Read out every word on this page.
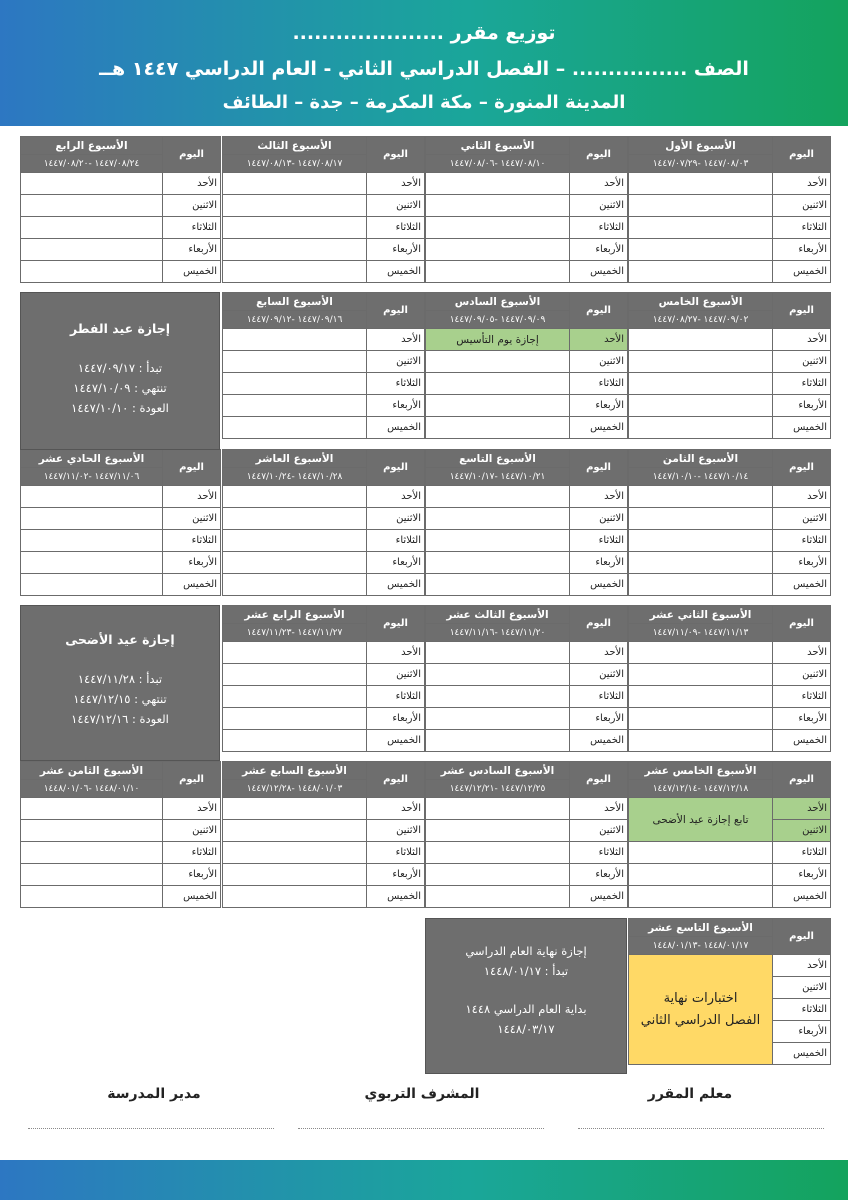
توزيع مقرر .....................
الصف ................ – الفصل الدراسي الثاني - العام الدراسي ١٤٤٧ هــ
المدينة المنورة – مكة المكرمة – جدة – الطائف
اليوم	الأسبوع الأول
	١٤٤٧/٠٨/٠٣ -١٤٤٧/٠٧/٢٩
الأحد	
الاثنين	
الثلاثاء	
الأربعاء	
الخميس	
اليوم	الأسبوع الثاني
	١٤٤٧/٠٨/١٠ -١٤٤٧/٠٨/٠٦
الأحد	
الاثنين	
الثلاثاء	
الأربعاء	
الخميس	
اليوم	الأسبوع الثالث
	١٤٤٧/٠٨/١٧ -١٤٤٧/٠٨/١٣
الأحد	
الاثنين	
الثلاثاء	
الأربعاء	
الخميس	
اليوم	الأسبوع الرابع
	١٤٤٧/٠٨/٢٤ -١٤٤٧/٠٨/٢٠
الأحد	
الاثنين	
الثلاثاء	
الأربعاء	
الخميس	
اليوم	الأسبوع الخامس
	١٤٤٧/٠٩/٠٢ -١٤٤٧/٠٨/٢٧
الأحد	
الاثنين	
الثلاثاء	
الأربعاء	
الخميس	
اليوم	الأسبوع السادس
	١٤٤٧/٠٩/٠٩ -١٤٤٧/٠٩/٠٥
الأحد	إجازة يوم التأسيس
الاثنين	
الثلاثاء	
الأربعاء	
الخميس	
اليوم	الأسبوع السابع
	١٤٤٧/٠٩/١٦ -١٤٤٧/٠٩/١٢
الأحد	
الاثنين	
الثلاثاء	
الأربعاء	
الخميس	
اليوم	الأسبوع الثامن
	١٤٤٧/١٠/١٤ -١٤٤٧/١٠/١٠
الأحد	
الاثنين	
الثلاثاء	
الأربعاء	
الخميس	
اليوم	الأسبوع التاسع
	١٤٤٧/١٠/٢١ -١٤٤٧/١٠/١٧
الأحد	
الاثنين	
الثلاثاء	
الأربعاء	
الخميس	
اليوم	الأسبوع العاشر
	١٤٤٧/١٠/٢٨ -١٤٤٧/١٠/٢٤
الأحد	
الاثنين	
الثلاثاء	
الأربعاء	
الخميس	
اليوم	الأسبوع الحادي عشر
	١٤٤٧/١١/٠٦ -١٤٤٧/١١/٠٢
الأحد	
الاثنين	
الثلاثاء	
الأربعاء	
الخميس	
اليوم	الأسبوع الثاني عشر
	١٤٤٧/١١/١٣ -١٤٤٧/١١/٠٩
الأحد	
الاثنين	
الثلاثاء	
الأربعاء	
الخميس	
اليوم	الأسبوع الثالث عشر
	١٤٤٧/١١/٢٠ -١٤٤٧/١١/١٦
الأحد	
الاثنين	
الثلاثاء	
الأربعاء	
الخميس	
اليوم	الأسبوع الرابع عشر
	١٤٤٧/١١/٢٧ -١٤٤٧/١١/٢٣
الأحد	
الاثنين	
الثلاثاء	
الأربعاء	
الخميس	
اليوم	الأسبوع الخامس عشر
	١٤٤٧/١٢/١٨ -١٤٤٧/١٢/١٤
الأحد	تابع إجازة عيد الأضحى
الاثنين	
الثلاثاء	
الأربعاء	
الخميس	
اليوم	الأسبوع السادس عشر
	١٤٤٧/١٢/٢٥ -١٤٤٧/١٢/٢١
الأحد	
الاثنين	
الثلاثاء	
الأربعاء	
الخميس	
اليوم	الأسبوع السابع عشر
	١٤٤٨/٠١/٠٣ -١٤٤٧/١٢/٢٨
الأحد	
الاثنين	
الثلاثاء	
الأربعاء	
الخميس	
اليوم	الأسبوع الثامن عشر
	١٤٤٨/٠١/١٠ -١٤٤٨/٠١/٠٦
الأحد	
الاثنين	
الثلاثاء	
الأربعاء	
الخميس	
اليوم	الأسبوع التاسع عشر
	١٤٤٨/٠١/١٧ -١٤٤٨/٠١/١٣
الأحد	اختبارات نهاية
الفصل الدراسي الثاني
الاثنين	
الثلاثاء	
الأربعاء	
الخميس	
إجازة عيد الفطر
تبدأ : ١٤٤٧/٠٩/١٧
تنتهي : ١٤٤٧/١٠/٠٩
العودة : ١٤٤٧/١٠/١٠
إجازة عيد الأضحى
تبدأ : ١٤٤٧/١١/٢٨
تنتهي : ١٤٤٧/١٢/١٥
العودة : ١٤٤٧/١٢/١٦
إجازة نهاية العام الدراسي
تبدأ : ١٤٤٨/٠١/١٧
بداية العام الدراسي ١٤٤٨
١٤٤٨/٠٣/١٧
معلم المقرر
المشرف التربوي
مدير المدرسة
